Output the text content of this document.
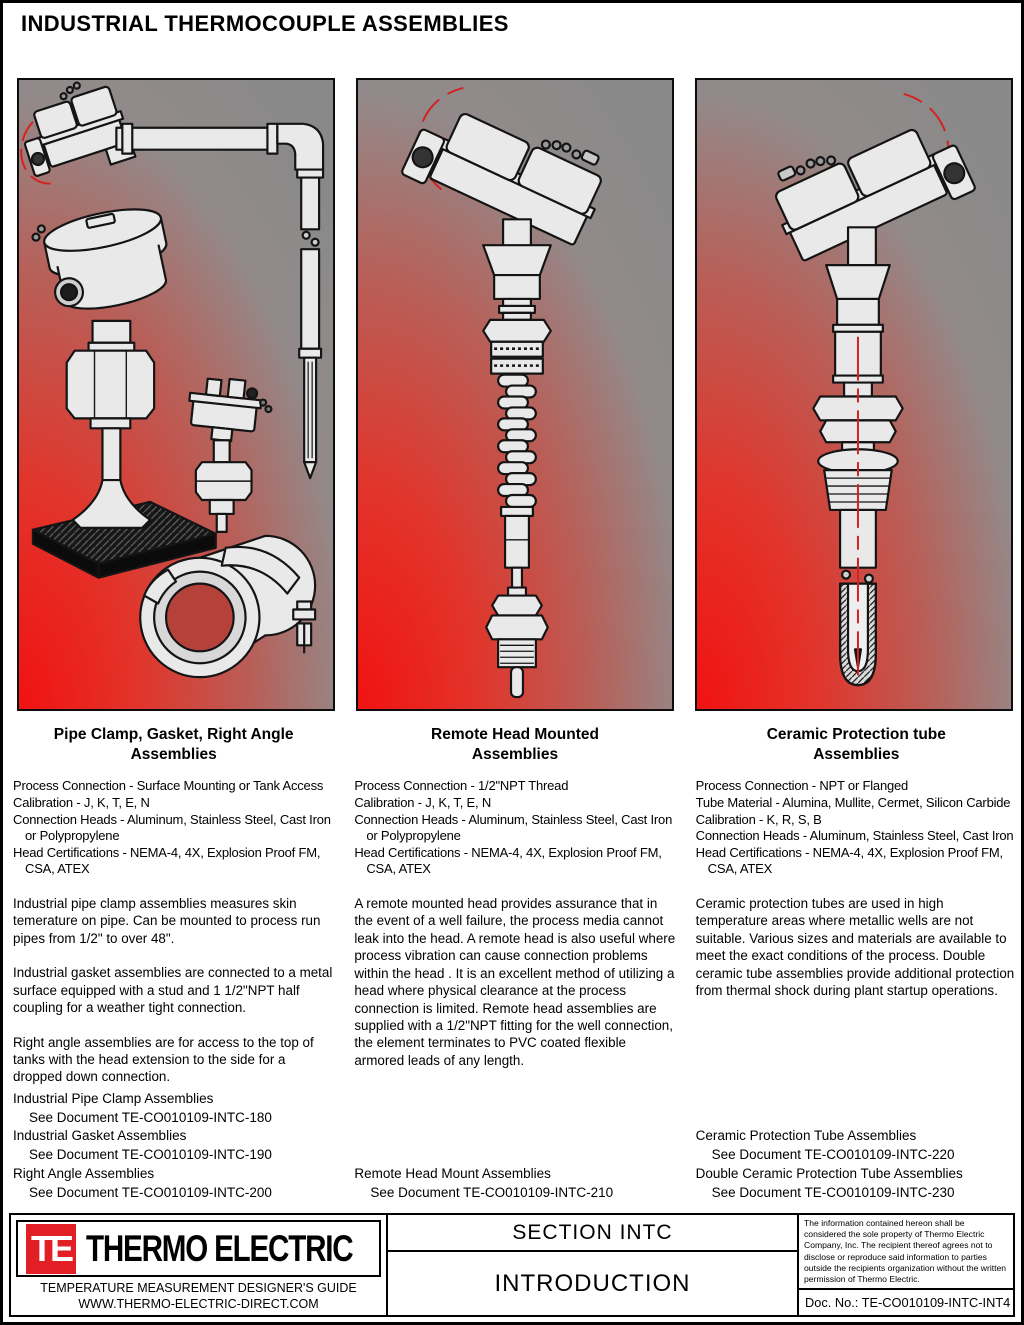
INDUSTRIAL THERMOCOUPLE ASSEMBLIES
Pipe Clamp, Gasket, Right Angle
Assemblies
Process Connection - Surface Mounting or Tank Access
Calibration - J, K, T, E, N
Connection Heads - Aluminum, Stainless Steel, Cast Iron or Polypropylene
Head Certifications - NEMA-4, 4X, Explosion Proof FM, CSA, ATEX

Industrial pipe clamp assemblies measures skin temerature on pipe. Can be mounted to process run pipes from 1/2" to over 48".

Industrial gasket assemblies are connected to a metal surface equipped with a stud and 1 1/2"NPT half coupling for a weather tight connection.

Right angle assemblies are for access to the top of tanks with the head extension to the side for a dropped down connection.

Remote Head Mounted
Assemblies
Process Connection - 1/2"NPT Thread
Calibration - J, K, T, E, N
Connection Heads - Aluminum, Stainless Steel, Cast Iron or Polypropylene
Head Certifications - NEMA-4, 4X, Explosion Proof FM, CSA, ATEX

A remote mounted head provides assurance that in the event of a well failure, the process media cannot leak into the head. A remote head is also useful where process vibration can cause connection problems within the head . It is an excellent method of utilizing a head where physical clearance at the process connection is limited. Remote head assemblies are supplied with a 1/2"NPT fitting for the well connection, the element terminates to PVC coated flexible armored leads of any length.

Ceramic Protection tube
Assemblies
Process Connection - NPT or Flanged
Tube Material - Alumina, Mullite, Cermet, Silicon Carbide
Calibration - K, R, S, B
Connection Heads - Aluminum, Stainless Steel, Cast Iron
Head Certifications - NEMA-4, 4X, Explosion Proof FM, CSA, ATEX

Ceramic protection tubes are used in high temperature areas where metallic wells are not suitable. Various sizes and materials are available to meet the exact conditions of the process. Double ceramic tube assemblies provide additional protection from thermal shock during plant startup operations.

Industrial Pipe Clamp Assemblies
See Document TE-CO010109-INTC-180
Industrial Gasket Assemblies
See Document TE-CO010109-INTC-190
Right Angle Assemblies
See Document TE-CO010109-INTC-200
Remote Head Mount Assemblies
See Document TE-CO010109-INTC-210
Ceramic Protection Tube Assemblies
See Document TE-CO010109-INTC-220
Double Ceramic Protection Tube Assemblies
See Document TE-CO010109-INTC-230
TE THERMO ELECTRIC
TEMPERATURE MEASUREMENT DESIGNER'S GUIDE
WWW.THERMO-ELECTRIC-DIRECT.COM
SECTION INTC
INTRODUCTION
The information contained hereon shall be considered the sole property of Thermo Electric Company, Inc. The recipient thereof agrees not to disclose or reproduce said information to parties outside the recipients organization without the written permission of Thermo Electric.
Doc. No.: TE-CO010109-INTC-INT4
